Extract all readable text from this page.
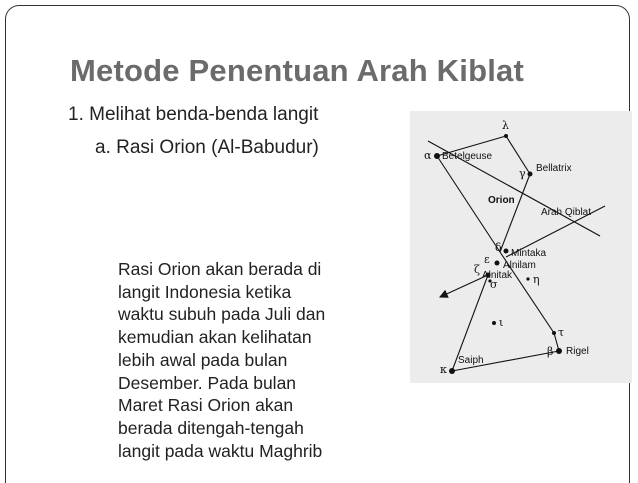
Metode Penentuan Arah Kiblat
1. Melihat benda-benda langit
a. Rasi Orion (Al-Babudur)
Rasi Orion akan berada di
langit Indonesia ketika
waktu subuh pada Juli dan
kemudian akan kelihatan
lebih awal pada bulan
Desember. Pada bulan
Maret Rasi Orion akan
berada ditengah-tengah
langit pada waktu Maghrib
Betelgeuse
Bellatrix
Orion
Arah Qiblat
Mintaka
Alnilam
Alnitak
Saiph
Rigel
λ
α
γ
δ
ε
ζ
σ	η
ι
τ
β
κ
